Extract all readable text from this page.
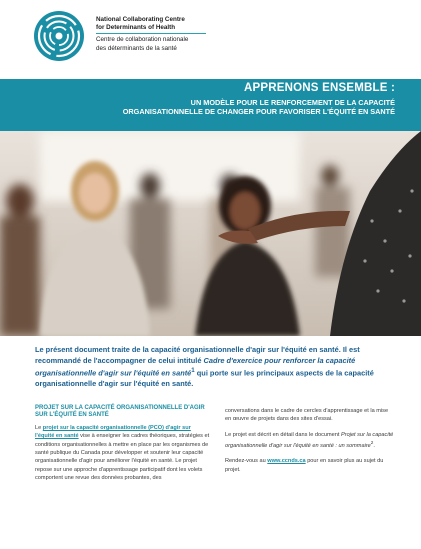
National Collaborating Centre
for Determinants of Health
Centre de collaboration nationale
des déterminants de la santé
APPRENONS ENSEMBLE :
UN MODÈLE POUR LE RENFORCEMENT DE LA CAPACITÉ
ORGANISATIONNELLE DE CHANGER POUR FAVORISER L'ÉQUITÉ EN SANTÉ
Le présent document traite de la capacité organisationnelle d'agir sur l'équité en santé. Il est recommandé de l'accompagner de celui intitulé Cadre d'exercice pour renforcer la capacité organisationnelle d'agir sur l'équité en santé$^1$ qui porte sur les principaux aspects de la capacité organisationnelle d'agir sur l'équité en santé.
PROJET SUR LA CAPACITÉ ORGANISATIONNELLE D'AGIR SUR L'ÉQUITÉ EN SANTÉ

Le projet sur la capacité organisationnelle (PCO) d'agir sur l'équité en santé vise à enseigner les cadres théoriques, stratégies et conditions organisationnelles à mettre en place par les organismes de santé publique du Canada pour développer et soutenir leur capacité organisationnelle d'agir pour améliorer l'équité en santé. Le projet repose sur une approche d'apprentissage participatif dont les volets comportent une revue des données probantes, des

conversations dans le cadre de cercles d'apprentissage et la mise en œuvre de projets dans des sites d'essai.

Le projet est décrit en détail dans le document Projet sur la capacité organisationnelle d'agir sur l'équité en santé : un sommaire$^2$.

Rendez-vous au www.ccnds.ca pour en savoir plus au sujet du projet.
